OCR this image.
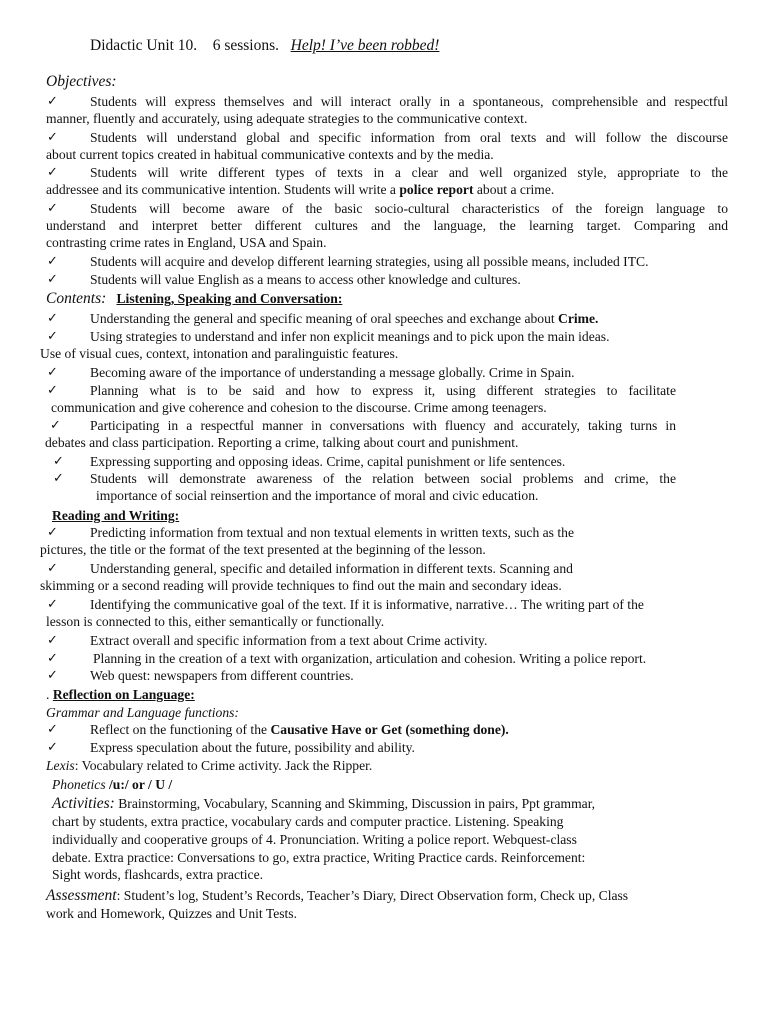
Didactic Unit 10. 6 sessions. Help! I’ve been robbed!
Objectives:
✓ Students will express themselves and will interact orally in a spontaneous, comprehensible and respectful
manner, fluently and accurately, using adequate strategies to the communicative context.
✓ Students will understand global and specific information from oral texts and will follow the discourse
about current topics created in habitual communicative contexts and by the media.
✓ Students will write different types of texts in a clear and well organized style, appropriate to the
addressee and its communicative intention. Students will write a police report about a crime.
✓ Students will become aware of the basic socio-cultural characteristics of the foreign language to
understand and interpret better different cultures and the language, the learning target. Comparing and
contrasting crime rates in England, USA and Spain.
✓ Students will acquire and develop different learning strategies, using all possible means, included ITC.
✓ Students will value English as a means to access other knowledge and cultures.
Contents: Listening, Speaking and Conversation:
✓ Understanding the general and specific meaning of oral speeches and exchange about Crime.
✓ Using strategies to understand and infer non explicit meanings and to pick upon the main ideas.
Use of visual cues, context, intonation and paralinguistic features.
✓ Becoming aware of the importance of understanding a message globally. Crime in Spain.
✓ Planning what is to be said and how to express it, using different strategies to facilitate
communication and give coherence and cohesion to the discourse. Crime among teenagers.
✓ Participating in a respectful manner in conversations with fluency and accurately, taking turns in
debates and class participation. Reporting a crime, talking about court and punishment.
✓ Expressing supporting and opposing ideas. Crime, capital punishment or life sentences.
✓ Students will demonstrate awareness of the relation between social problems and crime, the
importance of social reinsertion and the importance of moral and civic education.
Reading and Writing:
✓ Predicting information from textual and non textual elements in written texts, such as the
pictures, the title or the format of the text presented at the beginning of the lesson.
✓ Understanding general, specific and detailed information in different texts. Scanning and
skimming or a second reading will provide techniques to find out the main and secondary ideas.
✓ Identifying the communicative goal of the text. If it is informative, narrative… The writing part of the
lesson is connected to this, either semantically or functionally.
✓ Extract overall and specific information from a text about Crime activity.
✓	Planning in the creation of a text with organization, articulation and cohesion. Writing a police report.
✓ Web quest: newspapers from different countries.
. Reflection on Language:
Grammar and Language functions:
✓ Reflect on the functioning of the Causative Have or Get (something done).
✓ Express speculation about the future, possibility and ability.
Lexis: Vocabulary related to Crime activity. Jack the Ripper.
Phonetics /u:/ or / U /
Activities: Brainstorming, Vocabulary, Scanning and Skimming, Discussion in pairs, Ppt grammar,
chart by students, extra practice, vocabulary cards and computer practice. Listening. Speaking
individually and cooperative groups of 4. Pronunciation. Writing a police report. Webquest-class
debate. Extra practice: Conversations to go, extra practice, Writing Practice cards. Reinforcement:
Sight words, flashcards, extra practice.
Assessment: Student’s log, Student’s Records, Teacher’s Diary, Direct Observation form, Check up, Class
work and Homework, Quizzes and Unit Tests.
